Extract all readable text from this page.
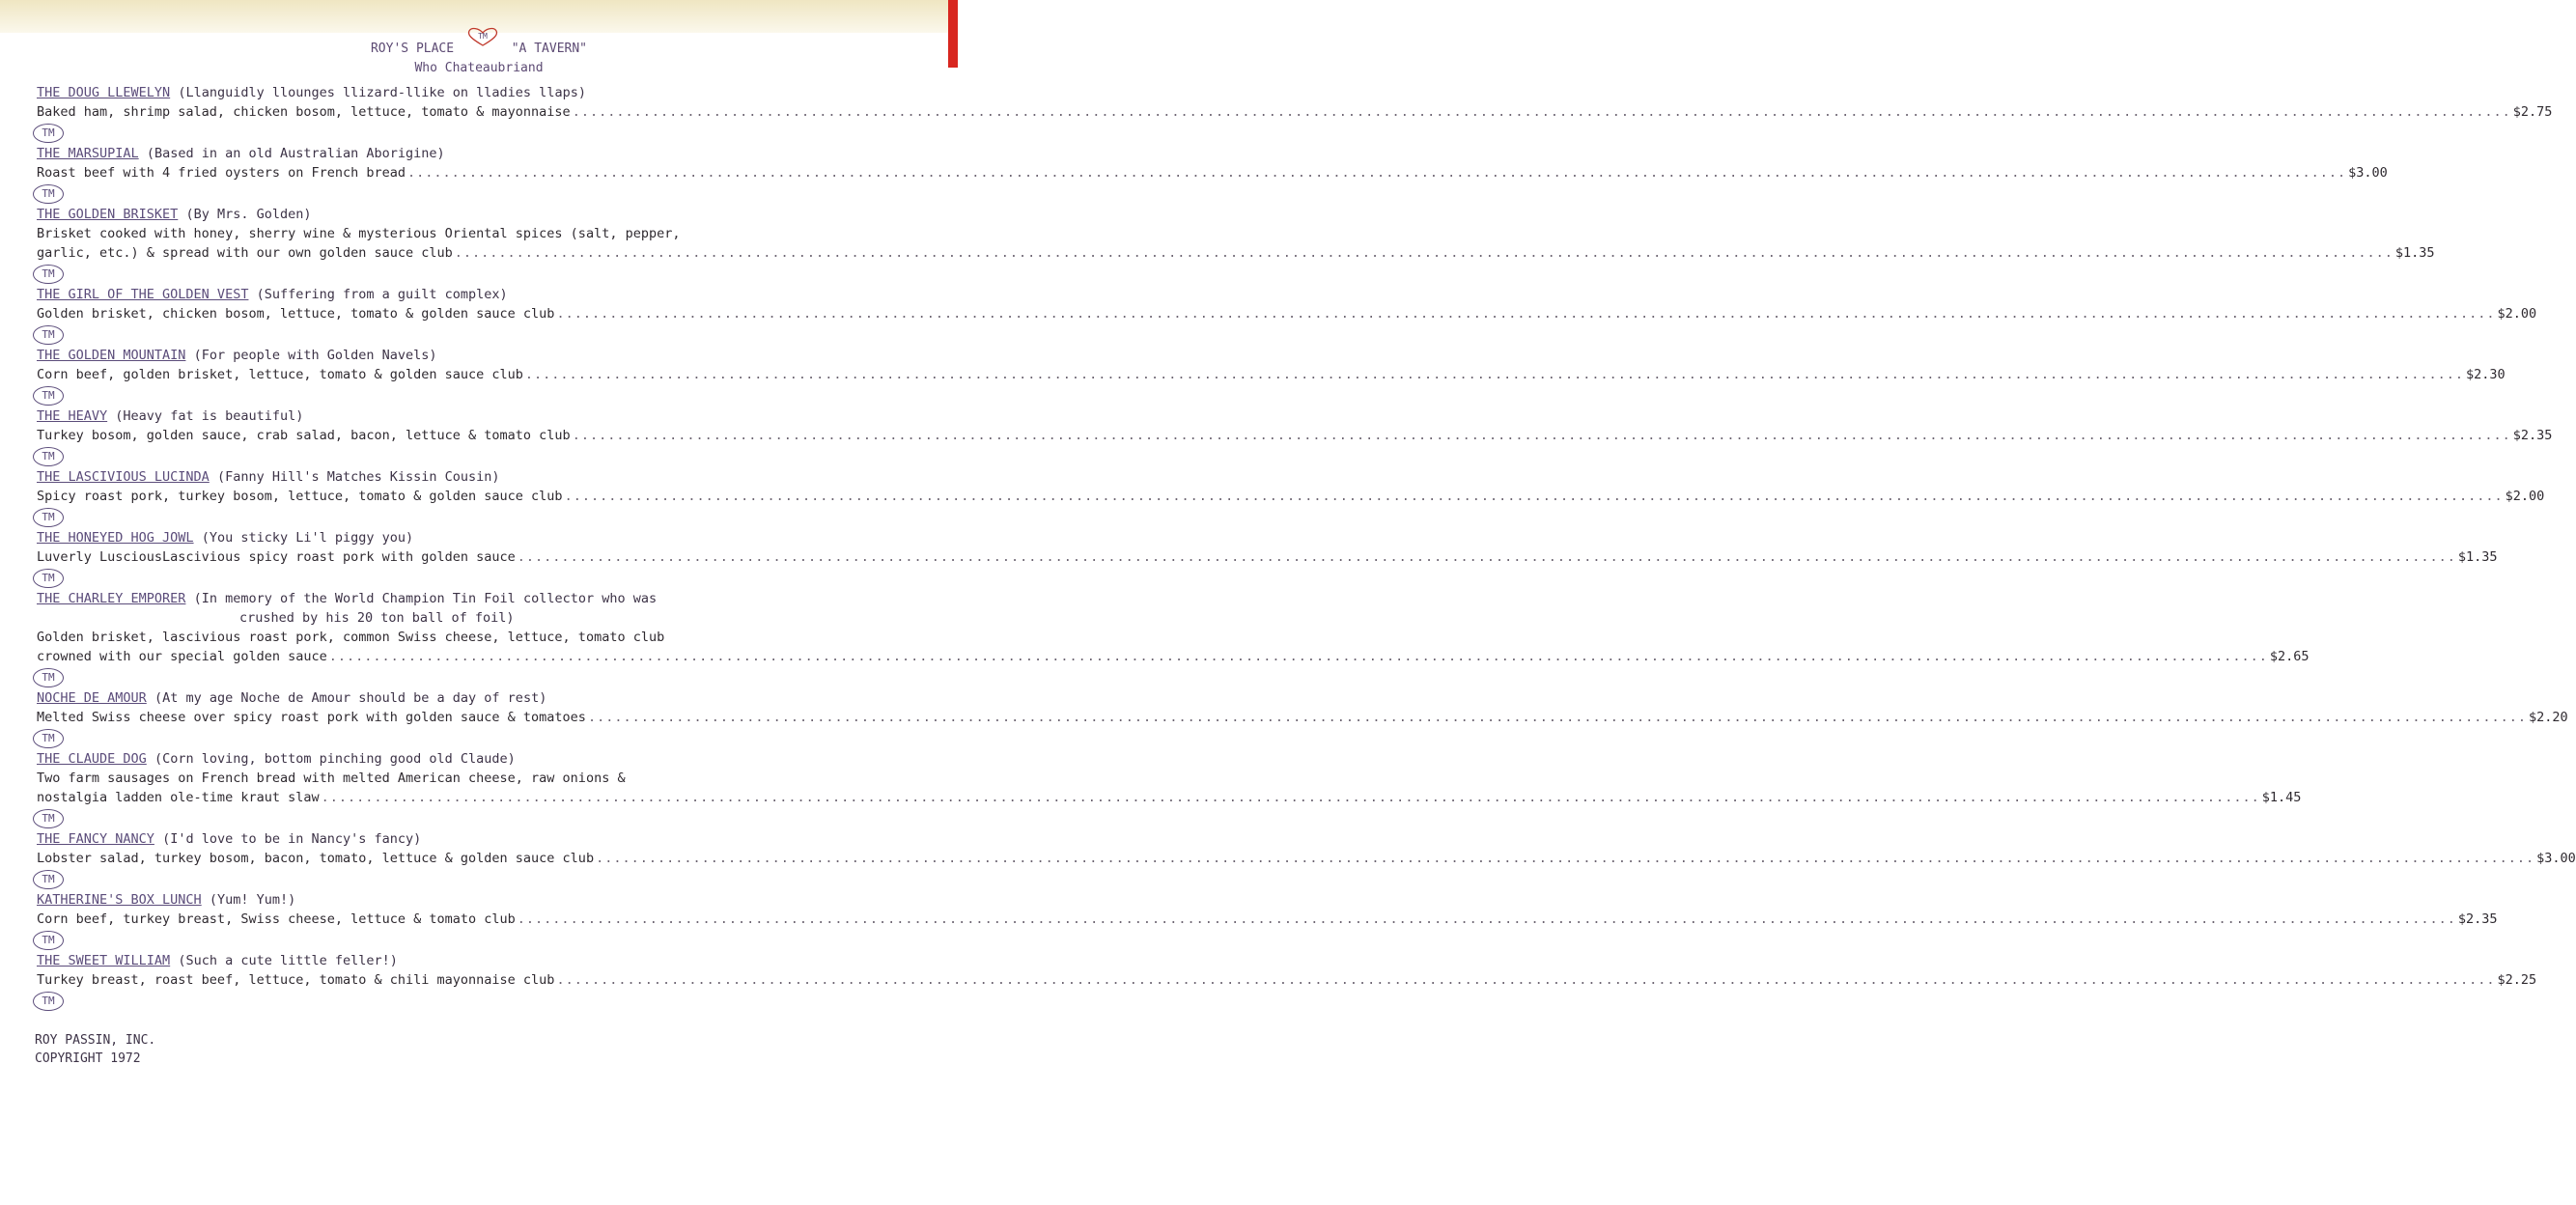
ROY'S PLACE
TM
"A TAVERN"
Who Chateaubriand
THE DOUG LLEWELYN (Llanguidly llounges llizard-llike on lladies llaps)
Baked ham, shrimp salad, chicken bosom, lettuce, tomato & mayonnaise ............................................................................................................................................................................................................................ $2.75
TM
THE MARSUPIAL (Based in an old Australian Aborigine)
Roast beef with 4 fried oysters on French bread ............................................................................................................................................................................................................................ $3.00
TM
THE GOLDEN BRISKET (By Mrs. Golden)
Brisket cooked with honey, sherry wine & mysterious Oriental spices (salt, pepper,
garlic, etc.) & spread with our own golden sauce club ............................................................................................................................................................................................................................ $1.35
TM
THE GIRL OF THE GOLDEN VEST (Suffering from a guilt complex)
Golden brisket, chicken bosom, lettuce, tomato & golden sauce club ............................................................................................................................................................................................................................ $2.00
TM
THE GOLDEN MOUNTAIN (For people with Golden Navels)
Corn beef, golden brisket, lettuce, tomato & golden sauce club ............................................................................................................................................................................................................................ $2.30
TM
THE HEAVY (Heavy fat is beautiful)
Turkey bosom, golden sauce, crab salad, bacon, lettuce & tomato club ............................................................................................................................................................................................................................ $2.35
TM
THE LASCIVIOUS LUCINDA (Fanny Hill's Matches Kissin Cousin)
Spicy roast pork, turkey bosom, lettuce, tomato & golden sauce club ............................................................................................................................................................................................................................ $2.00
TM
THE HONEYED HOG JOWL (You sticky Li'l piggy you)
Luverly LusciousLascivious spicy roast pork with golden sauce ............................................................................................................................................................................................................................ $1.35
TM
THE CHARLEY EMPORER (In memory of the World Champion Tin Foil collector who was
crushed by his 20 ton ball of foil)
Golden brisket, lascivious roast pork, common Swiss cheese, lettuce, tomato club
crowned with our special golden sauce ............................................................................................................................................................................................................................ $2.65
TM
NOCHE DE AMOUR (At my age Noche de Amour should be a day of rest)
Melted Swiss cheese over spicy roast pork with golden sauce & tomatoes ............................................................................................................................................................................................................................ $2.20
TM
THE CLAUDE DOG (Corn loving, bottom pinching good old Claude)
Two farm sausages on French bread with melted American cheese, raw onions &
nostalgia ladden ole-time kraut slaw ............................................................................................................................................................................................................................ $1.45
TM
THE FANCY NANCY (I'd love to be in Nancy's fancy)
Lobster salad, turkey bosom, bacon, tomato, lettuce & golden sauce club ............................................................................................................................................................................................................................ $3.00
TM
KATHERINE'S BOX LUNCH (Yum! Yum!)
Corn beef, turkey breast, Swiss cheese, lettuce & tomato club ............................................................................................................................................................................................................................ $2.35
TM
THE SWEET WILLIAM (Such a cute little feller!)
Turkey breast, roast beef, lettuce, tomato & chili mayonnaise club ............................................................................................................................................................................................................................ $2.25
TM
ROY PASSIN, INC.
COPYRIGHT 1972
